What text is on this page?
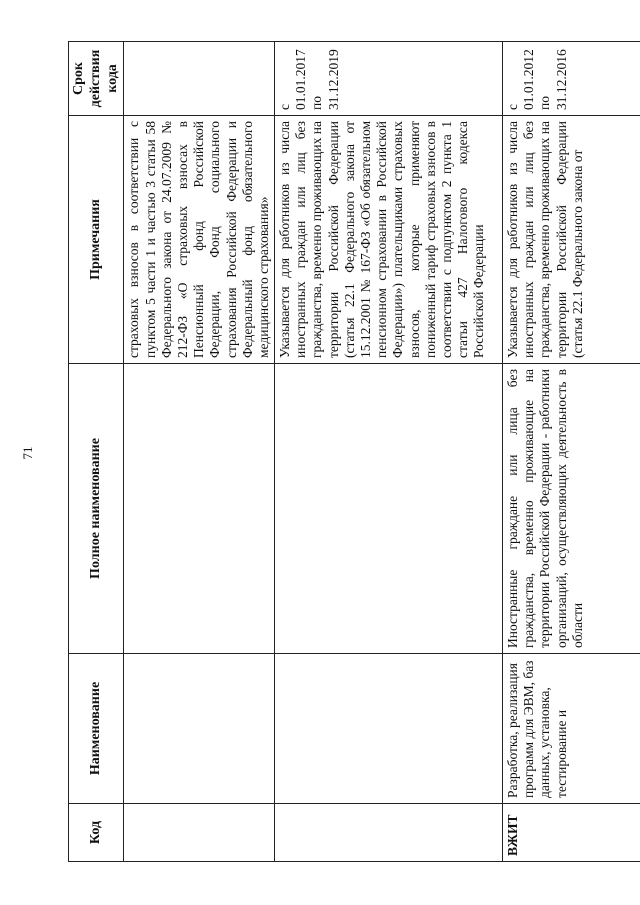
71
Код	Наименование	Полное наименование	Примечания	Срок действия кода
			страховых взносов в соответствии с пунктом 5 части 1 и частью 3 статьи 58 Федерального закона от 24.07.2009 № 212-ФЗ «О страховых взносах в Пенсионный фонд Российской Федерации, Фонд социального страхования Российской Федерации и Федеральный фонд обязательного медицинского страхования»	
			Указывается для работников из числа иностранных граждан или лиц без гражданства, временно проживающих на территории Российской Федерации (статья 22.1 Федерального закона от 15.12.2001 № 167-ФЗ «Об обязательном пенсионном страховании в Российской Федерации») плательщиками страховых взносов, которые применяют пониженный тариф страховых взносов в соответствии с подпунктом 2 пункта 1 статьи 427 Налогового кодекса Российской Федерации	с 01.01.2017 по 31.12.2019
ВЖИТ	Разработка, реализация программ для ЭВМ, баз данных, установка, тестирование и	Иностранные граждане или лица без гражданства, временно проживающие на территории Российской Федерации - работники организаций, осуществляющих деятельность в области	Указывается для работников из числа иностранных граждан или лиц без гражданства, временно проживающих на территории Российской Федерации (статья 22.1 Федерального закона от	с 01.01.2012 по 31.12.2016
